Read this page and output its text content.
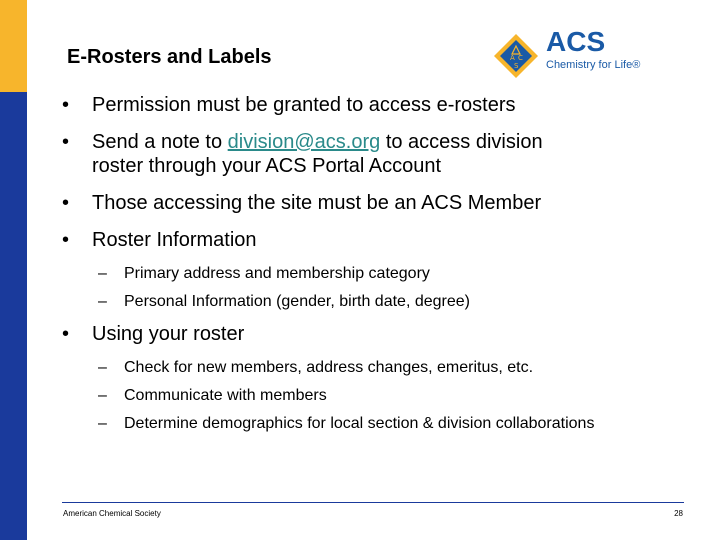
E-Rosters and Labels	A C
S
ACS
Chemistry for Life®
• Permission must be granted to access e-rosters
• Send a note to division@acs.org to access division
roster through your ACS Portal Account
• Those accessing the site must be an ACS Member
• Roster Information
– Primary address and membership category
– Personal Information (gender, birth date, degree)
• Using your roster
– Check for new members, address changes, emeritus, etc.
– Communicate with members
– Determine demographics for local section & division collaborations
American Chemical Society	28
